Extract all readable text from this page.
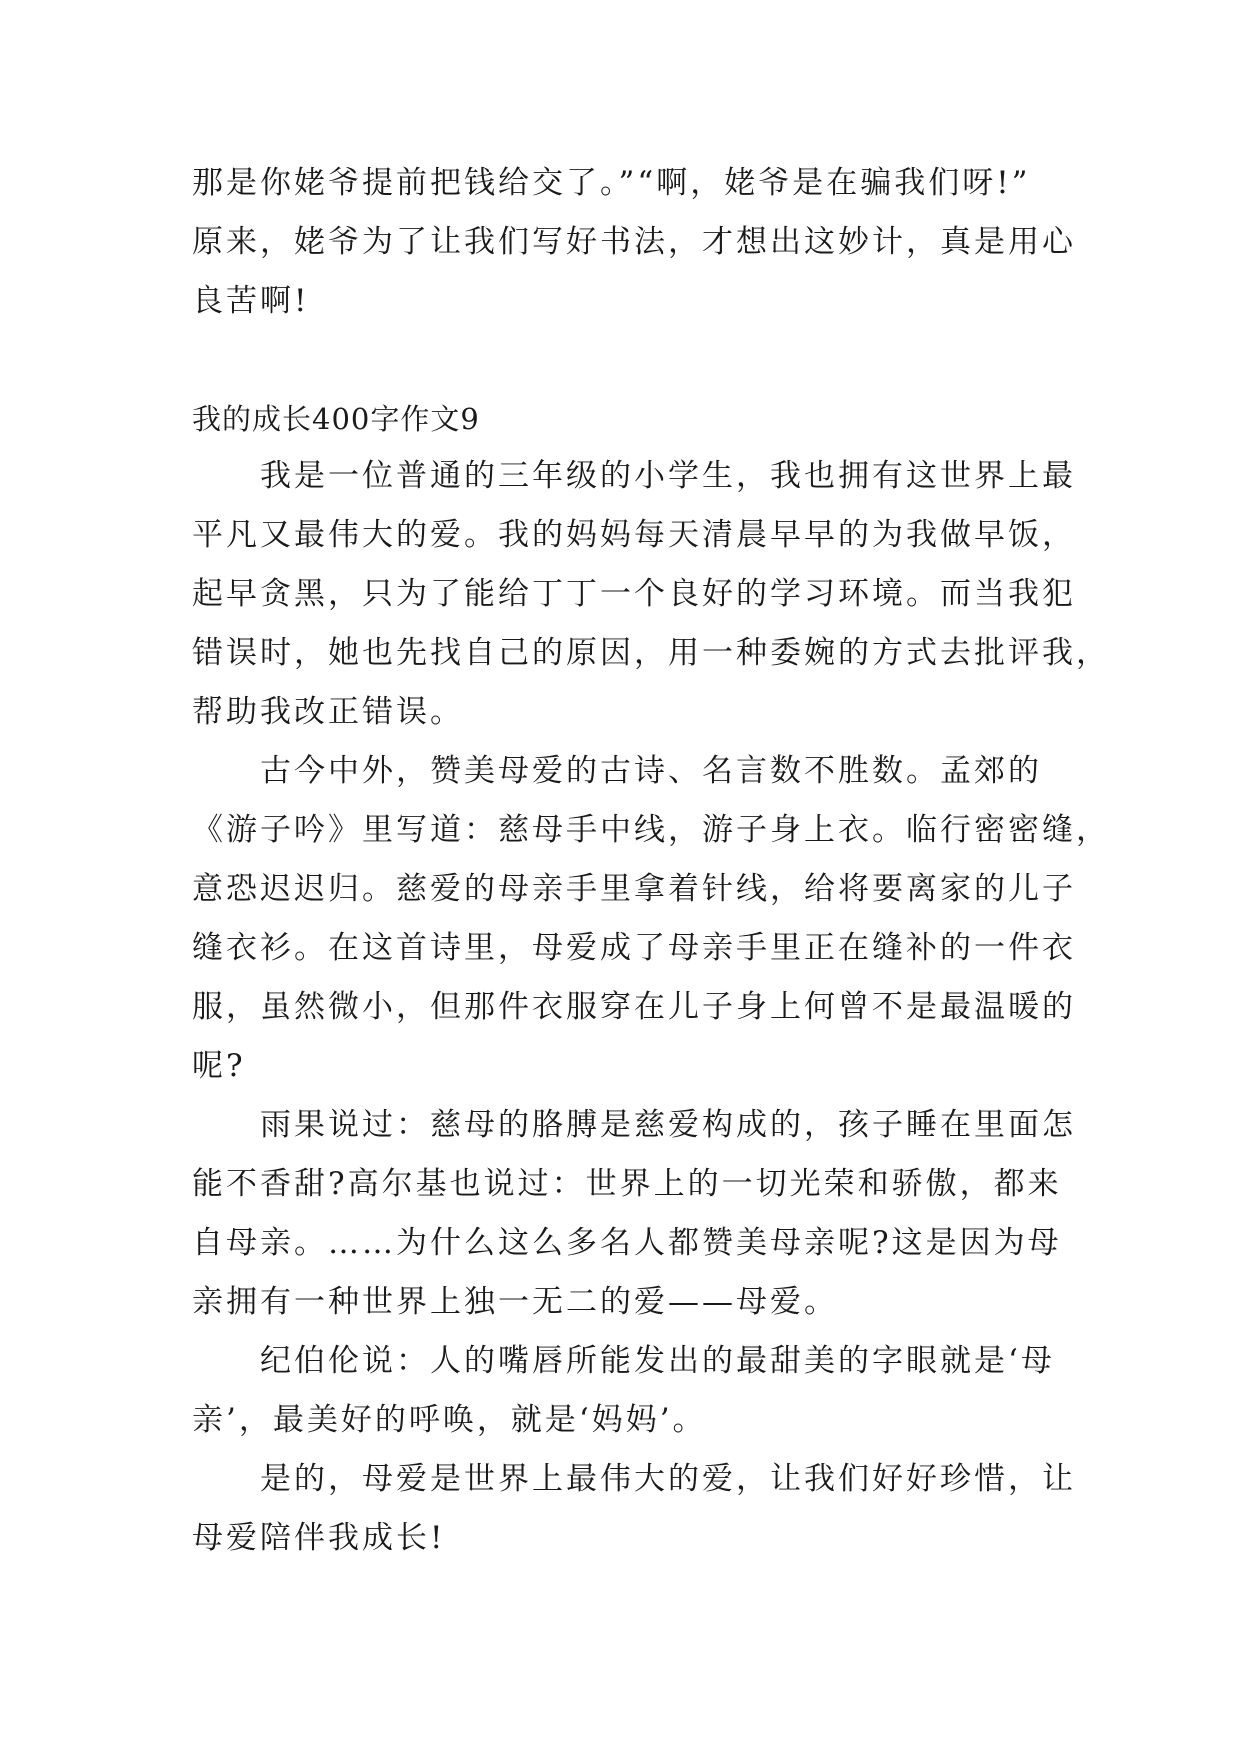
那是你姥爷提前把钱给交了。”“啊，姥爷是在骗我们呀!”
原来，姥爷为了让我们写好书法，才想出这妙计，真是用心
良苦啊!
我的成长400字作文9
　　我是一位普通的三年级的小学生，我也拥有这世界上最
平凡又最伟大的爱。我的妈妈每天清晨早早的为我做早饭，
起早贪黑，只为了能给丁丁一个良好的学习环境。而当我犯
错误时，她也先找自己的原因，用一种委婉的方式去批评我，
帮助我改正错误。
　　古今中外，赞美母爱的古诗、名言数不胜数。孟郊的
《游子吟》里写道：慈母手中线，游子身上衣。临行密密缝，
意恐迟迟归。慈爱的母亲手里拿着针线，给将要离家的儿子
缝衣衫。在这首诗里，母爱成了母亲手里正在缝补的一件衣
服，虽然微小，但那件衣服穿在儿子身上何曾不是最温暖的
呢?
　　雨果说过：慈母的胳膊是慈爱构成的，孩子睡在里面怎
能不香甜?高尔基也说过：世界上的一切光荣和骄傲，都来
自母亲。……为什么这么多名人都赞美母亲呢?这是因为母
亲拥有一种世界上独一无二的爱——母爱。
　　纪伯伦说：人的嘴唇所能发出的最甜美的字眼就是‘母
亲’，最美好的呼唤，就是‘妈妈’。
　　是的，母爱是世界上最伟大的爱，让我们好好珍惜，让
母爱陪伴我成长!
